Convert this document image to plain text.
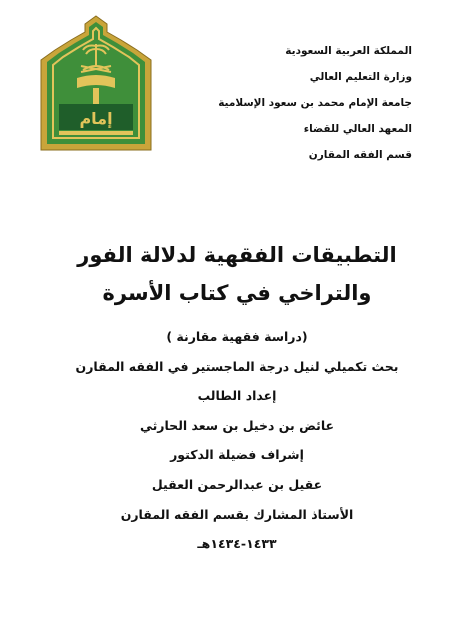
إمام
المملكة العربية السعودية
وزارة التعليم العالي
جامعة الإمام محمد بن سعود الإسلامية
المعهد العالي للقضاء
قسم الفقه المقارن
التطبيقات الفقهية لدلالة الفور
والتراخي في كتاب الأسرة
(دراسة فقهية مقارنة )
بحث تكميلي لنيل درجة الماجستير في الفقه المقارن
إعداد الطالب
عائض بن دخيل بن سعد الحارثي
إشراف فضيلة الدكتور
عقيل بن عبدالرحمن العقيل
الأستاذ المشارك بقسم الفقه المقارن
١٤٣٣-١٤٣٤هـ
